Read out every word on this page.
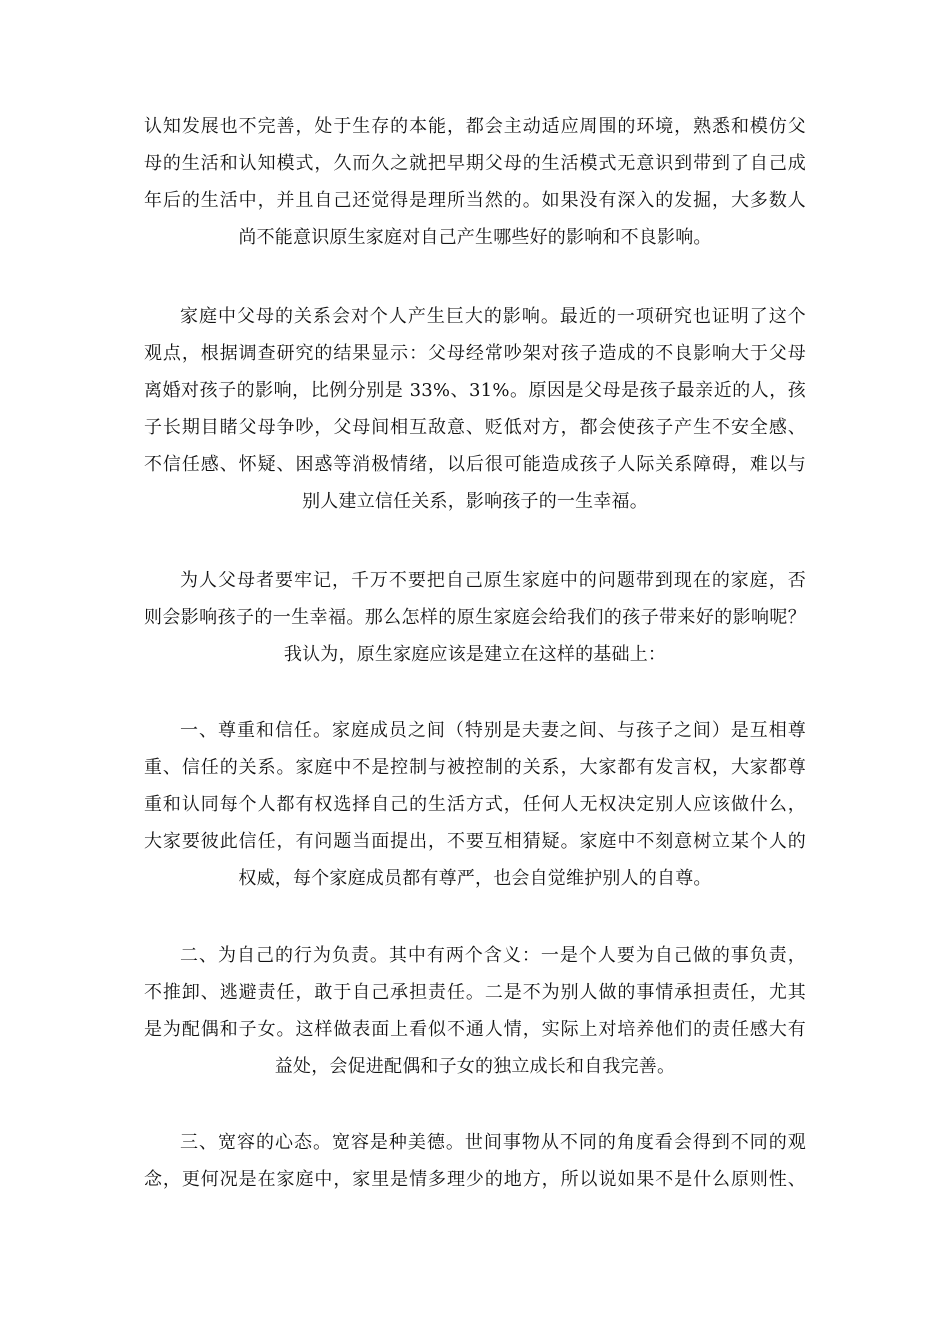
认知发展也不完善，处于生存的本能，都会主动适应周围的环境，熟悉和模仿父
母的生活和认知模式，久而久之就把早期父母的生活模式无意识到带到了自己成
年后的生活中，并且自己还觉得是理所当然的。如果没有深入的发掘，大多数人
尚不能意识原生家庭对自己产生哪些好的影响和不良影响。
家庭中父母的关系会对个人产生巨大的影响。最近的一项研究也证明了这个
观点，根据调查研究的结果显示：父母经常吵架对孩子造成的不良影响大于父母
离婚对孩子的影响，比例分别是 33%、31%。原因是父母是孩子最亲近的人，孩
子长期目睹父母争吵，父母间相互敌意、贬低对方，都会使孩子产生不安全感、
不信任感、怀疑、困惑等消极情绪，以后很可能造成孩子人际关系障碍，难以与
别人建立信任关系，影响孩子的一生幸福。
为人父母者要牢记，千万不要把自己原生家庭中的问题带到现在的家庭，否
则会影响孩子的一生幸福。那么怎样的原生家庭会给我们的孩子带来好的影响呢？
我认为，原生家庭应该是建立在这样的基础上：
一、尊重和信任。家庭成员之间（特别是夫妻之间、与孩子之间）是互相尊
重、信任的关系。家庭中不是控制与被控制的关系，大家都有发言权，大家都尊
重和认同每个人都有权选择自己的生活方式，任何人无权决定别人应该做什么，
大家要彼此信任，有问题当面提出，不要互相猜疑。家庭中不刻意树立某个人的
权威，每个家庭成员都有尊严，也会自觉维护别人的自尊。
二、为自己的行为负责。其中有两个含义：一是个人要为自己做的事负责，
不推卸、逃避责任，敢于自己承担责任。二是不为别人做的事情承担责任，尤其
是为配偶和子女。这样做表面上看似不通人情，实际上对培养他们的责任感大有
益处，会促进配偶和子女的独立成长和自我完善。
三、宽容的心态。宽容是种美德。世间事物从不同的角度看会得到不同的观
念，更何况是在家庭中，家里是情多理少的地方，所以说如果不是什么原则性、
